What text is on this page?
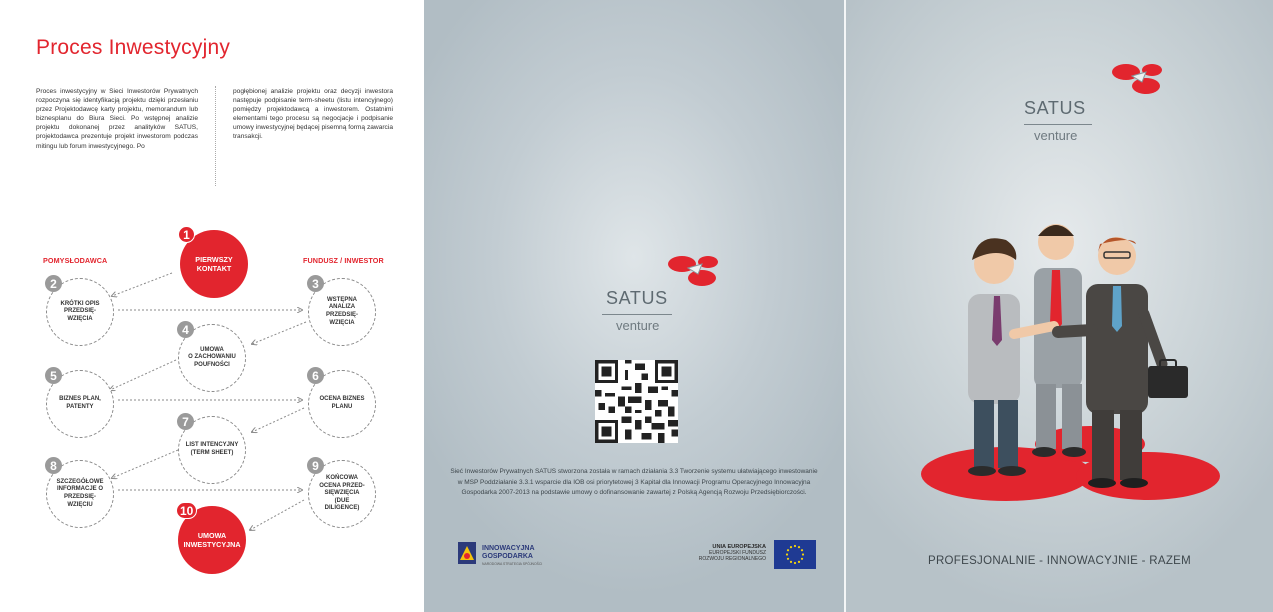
Proces Inwestycyjny
Proces inwestycyjny w Sieci Inwestorów Prywatnych rozpoczyna się identyfikacją projektu dzięki przesłaniu przez Projektodawcę karty projektu, memorandum lub biznesplanu do Biura Sieci. Po wstępnej analizie projektu dokonanej przez analityków SATUS, projektodawca prezentuje projekt inwestorom podczas mitingu lub forum inwestycyjnego. Po
pogłębionej analizie projektu oraz decyzji inwestora następuje podpisanie term-sheetu (listu intencyjnego) pomiędzy projektodawcą a inwestorem. Ostatnimi elementami tego procesu są negocjacje i podpisanie umowy inwestycyjnej będącej pisemną formą zawarcia transakcji.
POMYSŁODAWCA	FUNDUSZ / INWESTOR
1
PIERWSZY
KONTAKT
2
KRÓTKI OPIS
PRZEDSIĘ-
WZIĘCIA
3
WSTĘPNA
ANALIZA
PRZEDSIĘ-
WZIĘCIA
4
UMOWA
O ZACHOWANIU
POUFNOŚCI
5
BIZNES PLAN,
PATENTY
6
OCENA BIZNES
PLANU
7
LIST INTENCYJNY
(TERM SHEET)
8
SZCZEGÓŁOWE
INFORMACJE O
PRZEDSIĘ-
WZIĘCIU
9
KOŃCOWA
OCENA PRZED-
SIĘWZIĘCIA
(DUE
DILIGENCE)
10
UMOWA
INWESTYCYJNA
SATUS
venture
Sieć Inwestorów Prywatnych SATUS stworzona została w ramach działania 3.3 Tworzenie systemu ułatwiającego inwestowanie w MSP Poddziałanie 3.3.1 wsparcie dla IOB osi priorytetowej 3 Kapitał dla Innowacji Programu Operacyjnego Innowacyjna Gospodarka 2007-2013 na podstawie umowy o dofinansowanie zawartej z Polską Agencją Rozwoju Przedsiębiorczości.
INNOWACYJNA
GOSPODARKA
NARODOWA STRATEGIA SPÓJNOŚCI
UNIA EUROPEJSKA
EUROPEJSKI FUNDUSZ
ROZWOJU REGIONALNEGO
SATUS
venture
PROFESJONALNIE - INNOWACYJNIE - RAZEM
